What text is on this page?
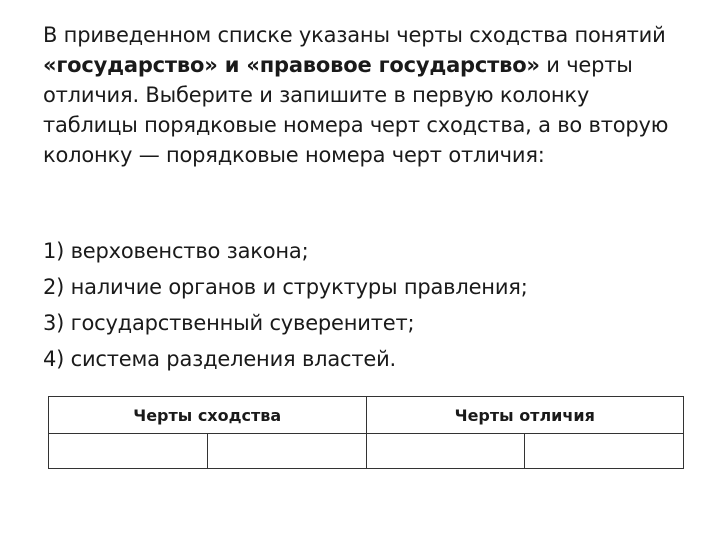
В приведенном списке указаны черты сходства понятий «государство» и «правовое государство» и черты отличия. Выберите и запишите в первую колонку таблицы порядковые номера черт сходства, а во вторую колонку — порядковые номера черт отличия:

1) верховенство закона;
2) наличие органов и структуры правления;
3) государственный суверенитет;
4) система разделения властей.
Черты сходства		Черты отличия	
